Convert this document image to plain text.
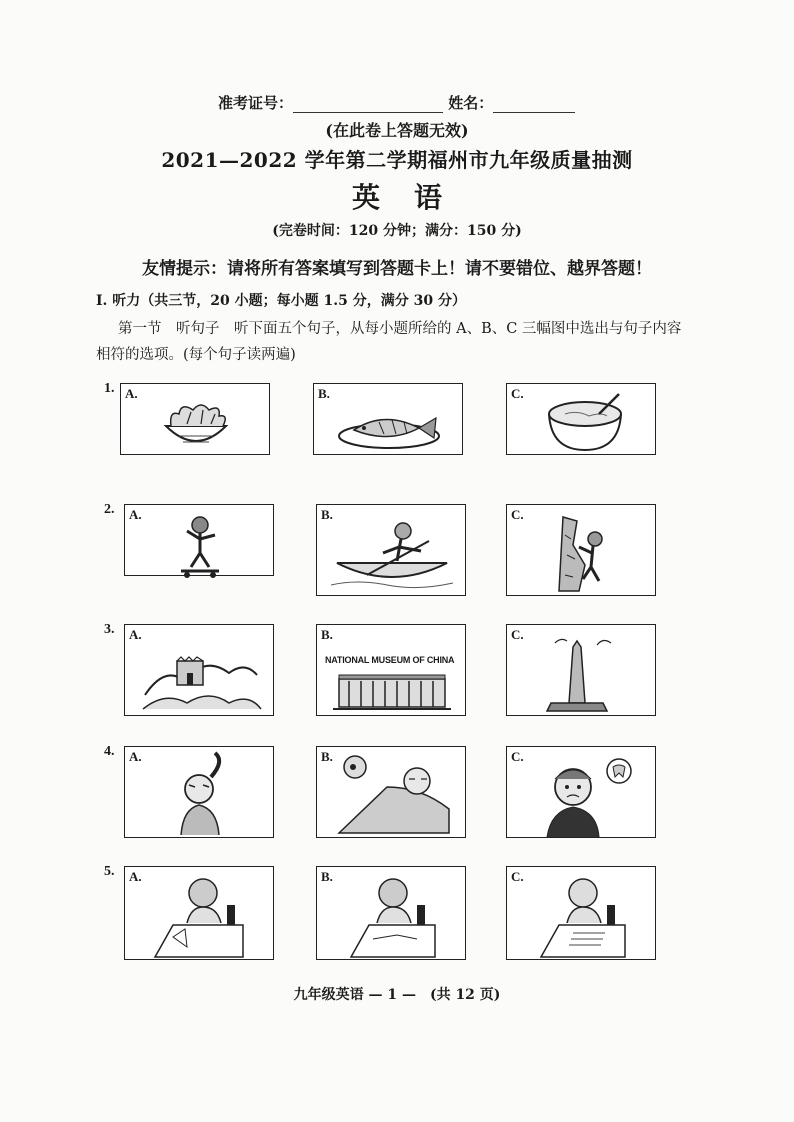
准考证号：	姓名：
(在此卷上答题无效)
2021—2022 学年第二学期福州市九年级质量抽测
英语
(完卷时间：120 分钟；满分：150 分)
友情提示：请将所有答案填写到答题卡上！请不要错位、越界答题！
I. 听力（共三节，20 小题；每小题 1.5 分，满分 30 分）
第一节　听句子　听下面五个句子，从每小题所给的 A、B、C 三幅图中选出与句子内容
相符的选项。(每个句子读两遍)
1. A.	B.	C.
2. A.	B.	C.
3. A.	B.
NATIONAL MUSEUM OF CHINA
C.
4. A.	B.	C.
5. A.	B.	C.
九年级英语 — 1 —　(共 12 页)
